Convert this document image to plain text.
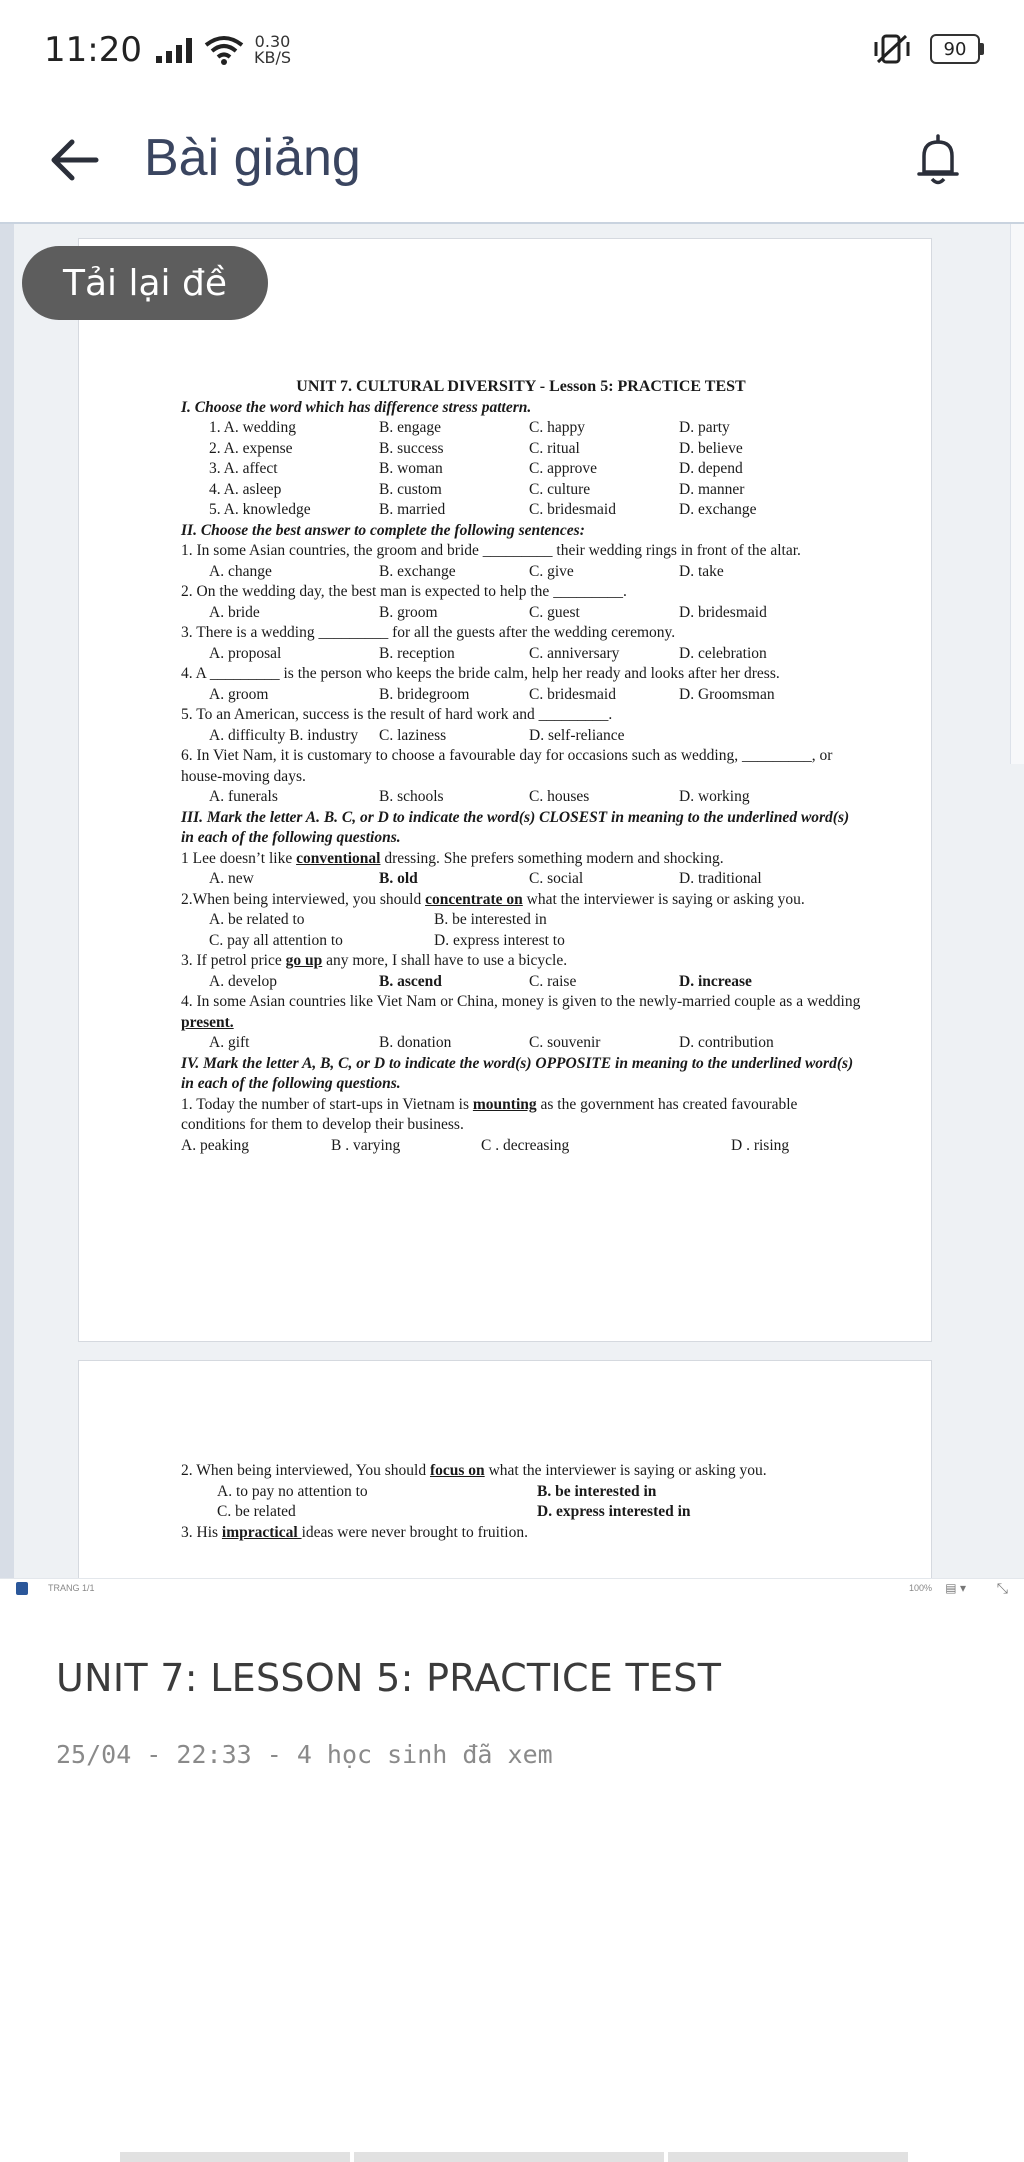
11:20	0.30
KB/S	90
Bài giảng
UNIT 7. CULTURAL DIVERSITY - Lesson 5: PRACTICE TEST
I. Choose the word which has difference stress pattern.
1. A. wedding	B. engage	C. happy	D. party
2. A. expense	B. success	C. ritual	D. believe
3. A. affect	B. woman	C. approve	D. depend
4. A. asleep	B. custom	C. culture	D. manner
5. A. knowledge	B. married	C. bridesmaid	D. exchange
II. Choose the best answer to complete the following sentences:
1. In some Asian countries, the groom and bride _________ their wedding rings in front of the altar.
A. change	B. exchange	C. give	D. take
2. On the wedding day, the best man is expected to help the _________.
A. bride	B. groom	C. guest	D. bridesmaid
3. There is a wedding _________ for all the guests after the wedding ceremony.
A. proposal	B. reception	C. anniversary	D. celebration
4. A _________ is the person who keeps the bride calm, help her ready and looks after her dress.
A. groom	B. bridegroom	C. bridesmaid	D. Groomsman
5. To an American, success is the result of hard work and _________.
A. difficulty B. industry	C. laziness	D. self-reliance
6. In Viet Nam, it is customary to choose a favourable day for occasions such as wedding, _________, or house-moving days.
A. funerals	B. schools	C. houses	D. working
III. Mark the letter A. B. C, or D to indicate the word(s) CLOSEST in meaning to the underlined word(s) in each of the following questions.
1 Lee doesn’t like conventional dressing. She prefers something modern and shocking.
A. new	B. old	C. social	D. traditional
2.When being interviewed, you should concentrate on what the interviewer is saying or asking you.
A. be related to	B. be interested in
C. pay all attention to	D. express interest to
3. If petrol price go up any more, I shall have to use a bicycle.
A. develop	B. ascend	C. raise	D. increase
4. In some Asian countries like Viet Nam or China, money is given to the newly-married couple as a wedding present.
A. gift	B. donation	C. souvenir	D. contribution
IV. Mark the letter A, B, C, or D to indicate the word(s) OPPOSITE in meaning to the underlined word(s) in each of the following questions.
1. Today the number of start-ups in Vietnam is mounting as the government has created favourable conditions for them to develop their business.
A. peaking	B . varying	C . decreasing	D . rising
2. When being interviewed, You should focus on what the interviewer is saying or asking you.
A. to pay no attention to	B. be interested in
C. be related	D. express interested in
3. His impractical ideas were never brought to fruition.
Tải lại đề
TRANG 1/1	100% ▤ ▾ ⤡
UNIT 7: LESSON 5: PRACTICE TEST
25/04 - 22:33 - 4 học sinh đã xem
